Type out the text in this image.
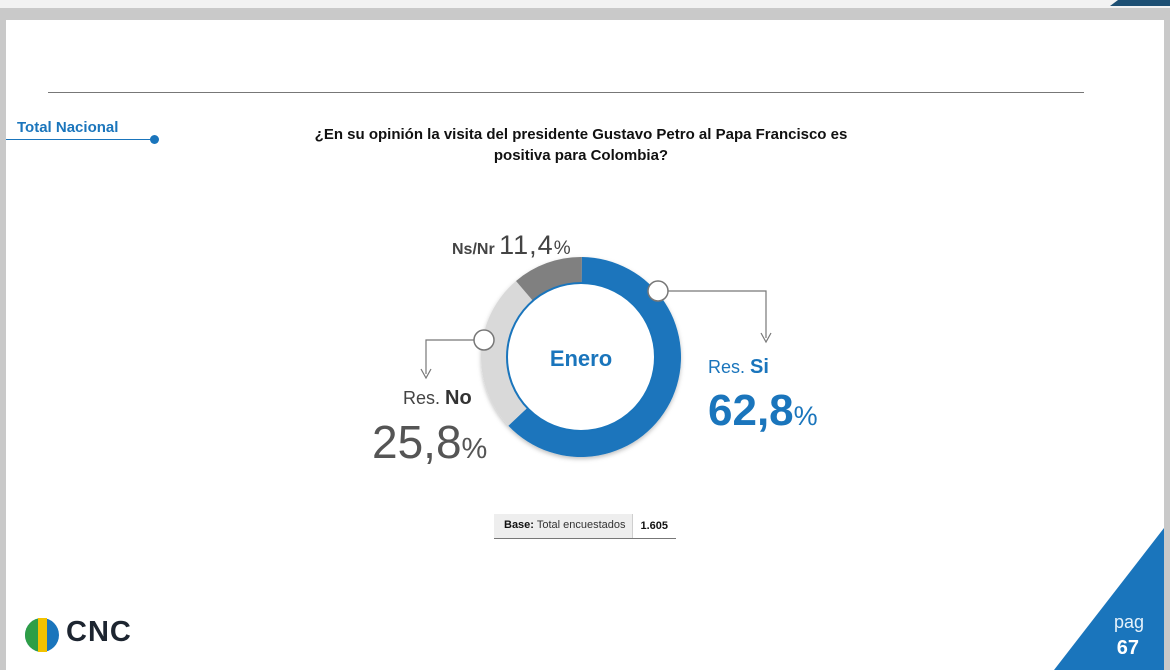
Total Nacional	¿En su opinión la visita del presidente Gustavo Petro al Papa Francisco es
positiva para Colombia?
Enero
Ns/Nr 11,4%
Res. No
25,8%
Res. Si
62,8%
Base: Total encuestados	1.605
CNC	pag
67
